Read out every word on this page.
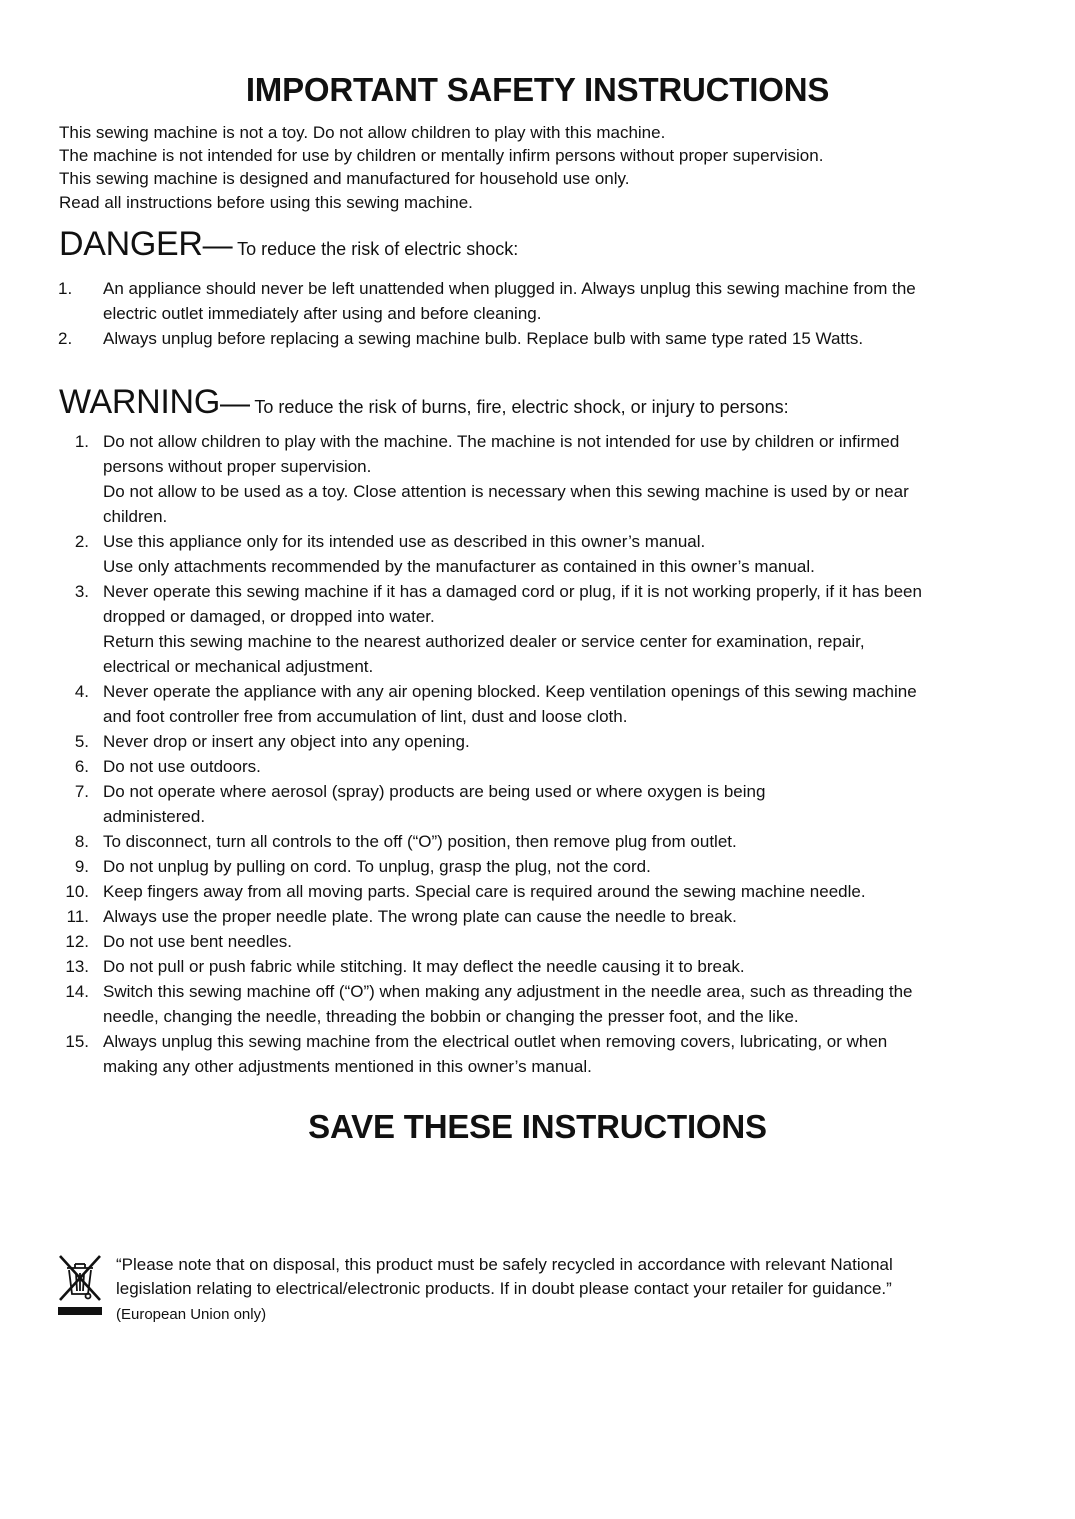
IMPORTANT SAFETY INSTRUCTIONS
This sewing machine is not a toy. Do not allow children to play with this machine.
The machine is not intended for use by children or mentally infirm persons without proper supervision.
This sewing machine is designed and manufactured for household use only.
Read all instructions before using this sewing machine.
DANGER— To reduce the risk of electric shock:
1.	An appliance should never be left unattended when plugged in. Always unplug this sewing machine from the
electric outlet immediately after using and before cleaning.
2.	Always unplug before replacing a sewing machine bulb. Replace bulb with same type rated 15 Watts.
WARNING— To reduce the risk of burns, fire, electric shock, or injury to persons:
1. Do not allow children to play with the machine. The machine is not intended for use by children or infirmed
persons without proper supervision.
Do not allow to be used as a toy. Close attention is necessary when this sewing machine is used by or near
children.
2. Use this appliance only for its intended use as described in this owner’s manual.
Use only attachments recommended by the manufacturer as contained in this owner’s manual.
3. Never operate this sewing machine if it has a damaged cord or plug, if it is not working properly, if it has been
dropped or damaged, or dropped into water.
Return this sewing machine to the nearest authorized dealer or service center for examination, repair,
electrical or mechanical adjustment.
4. Never operate the appliance with any air opening blocked. Keep ventilation openings of this sewing machine
and foot controller free from accumulation of lint, dust and loose cloth.
5. Never drop or insert any object into any opening.
6. Do not use outdoors.
7. Do not operate where aerosol (spray) products are being used or where oxygen is being
administered.
8. To disconnect, turn all controls to the off (“O”) position, then remove plug from outlet.
9. Do not unplug by pulling on cord. To unplug, grasp the plug, not the cord.
10. Keep fingers away from all moving parts. Special care is required around the sewing machine needle.
11. Always use the proper needle plate. The wrong plate can cause the needle to break.
12. Do not use bent needles.
13. Do not pull or push fabric while stitching. It may deflect the needle causing it to break.
14. Switch this sewing machine off (“O”) when making any adjustment in the needle area, such as threading the
needle, changing the needle, threading the bobbin or changing the presser foot, and the like.
15. Always unplug this sewing machine from the electrical outlet when removing covers, lubricating, or when
making any other adjustments mentioned in this owner’s manual.
SAVE THESE INSTRUCTIONS
“Please note that on disposal, this product must be safely recycled in accordance with relevant National
legislation relating to electrical/electronic products. If in doubt please contact your retailer for guidance.”
(European Union only)
